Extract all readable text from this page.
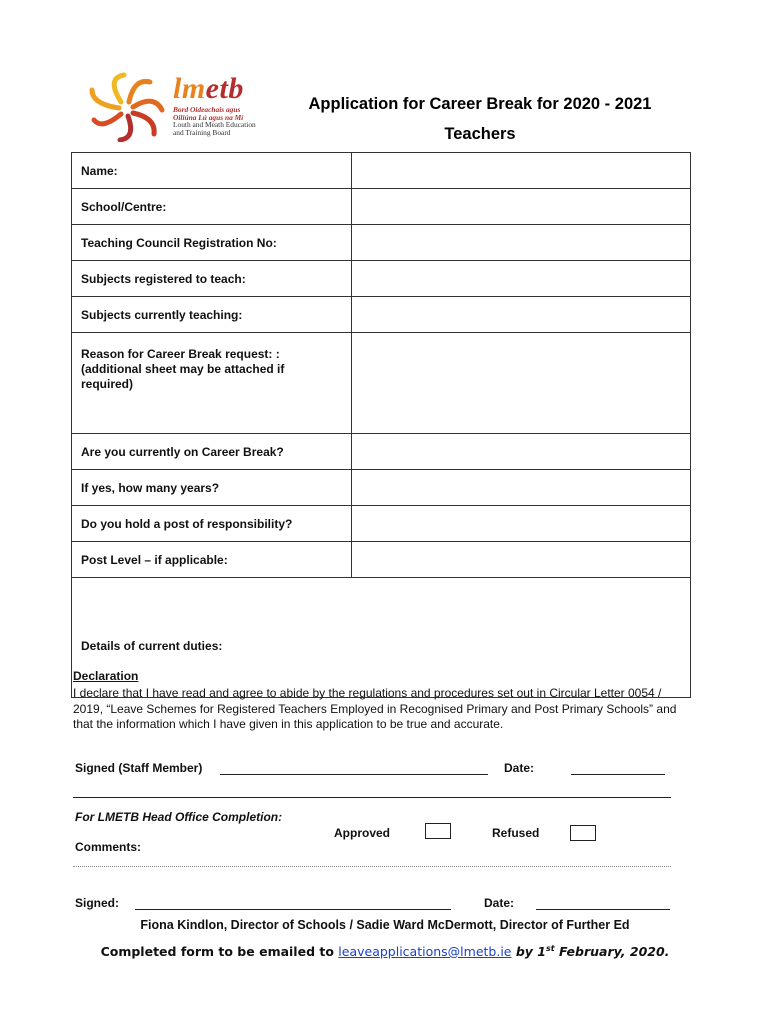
lmetb
Bord Oideachais agus
Oiliúna Lú agus na Mí
Louth and Meath Education
and Training Board
Application for Career Break for 2020 - 2021
Teachers
Name:	
School/Centre:	
Teaching Council Registration No:	
Subjects registered to teach:	
Subjects currently teaching:	
Reason for Career Break request: :
(additional sheet may be attached if
required)	
Are you currently on Career Break?	
If yes, how many years?	
Do you hold a post of responsibility?	
Post Level – if applicable:	
Details of current duties:	
Declaration
I declare that I have read and agree to abide by the regulations and procedures set out in Circular Letter 0054 / 2019, “Leave Schemes for Registered Teachers Employed in Recognised Primary and Post Primary Schools” and that the information which I have given in this application to be true and accurate.
Signed (Staff Member)	Date:
For LMETB Head Office Completion:
Approved	Refused
Comments:
Signed:	Date:
Fiona Kindlon, Director of Schools / Sadie Ward McDermott, Director of Further Ed
Completed form to be emailed to leaveapplications@lmetb.ie by 1st February, 2020.
